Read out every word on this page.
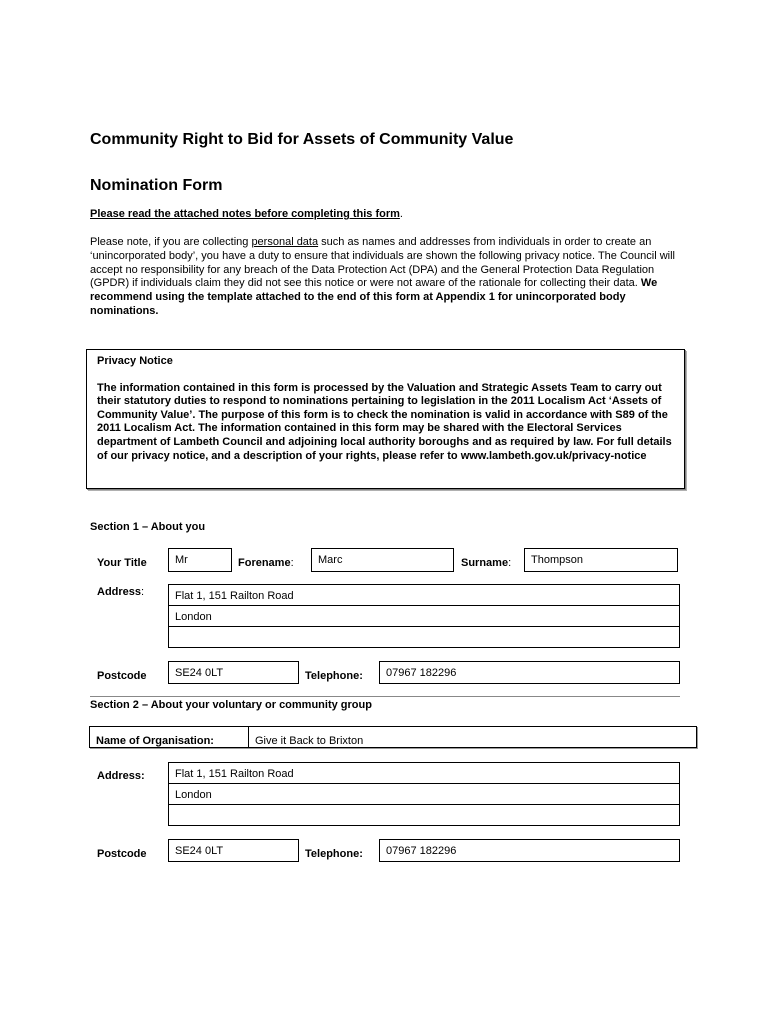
Community Right to Bid for Assets of Community Value
Nomination Form
Please read the attached notes before completing this form.
Please note, if you are collecting personal data such as names and addresses from individuals in order to create an ‘unincorporated body’, you have a duty to ensure that individuals are shown the following privacy notice. The Council will accept no responsibility for any breach of the Data Protection Act (DPA) and the General Protection Data Regulation (GPDR) if individuals claim they did not see this notice or were not aware of the rationale for collecting their data. We recommend using the template attached to the end of this form at Appendix 1 for unincorporated body nominations.
Privacy Notice
The information contained in this form is processed by the Valuation and Strategic Assets Team to carry out their statutory duties to respond to nominations pertaining to legislation in the 2011 Localism Act ‘Assets of Community Value’. The purpose of this form is to check the nomination is valid in accordance with S89 of the 2011 Localism Act. The information contained in this form may be shared with the Electoral Services department of Lambeth Council and adjoining local authority boroughs and as required by law. For full details of our privacy notice, and a description of your rights, please refer to www.lambeth.gov.uk/privacy-notice
Section 1 – About you
Your Title	Mr	Forename:	Marc	Surname:	Thompson
Address:	Flat 1, 151 Railton Road
London
Postcode	SE24 0LT	Telephone:	07967 182296
Section 2 – About your voluntary or community group
Name of Organisation:	Give it Back to Brixton
Address:	Flat 1, 151 Railton Road
London
Postcode	SE24 0LT	Telephone:	07967 182296
